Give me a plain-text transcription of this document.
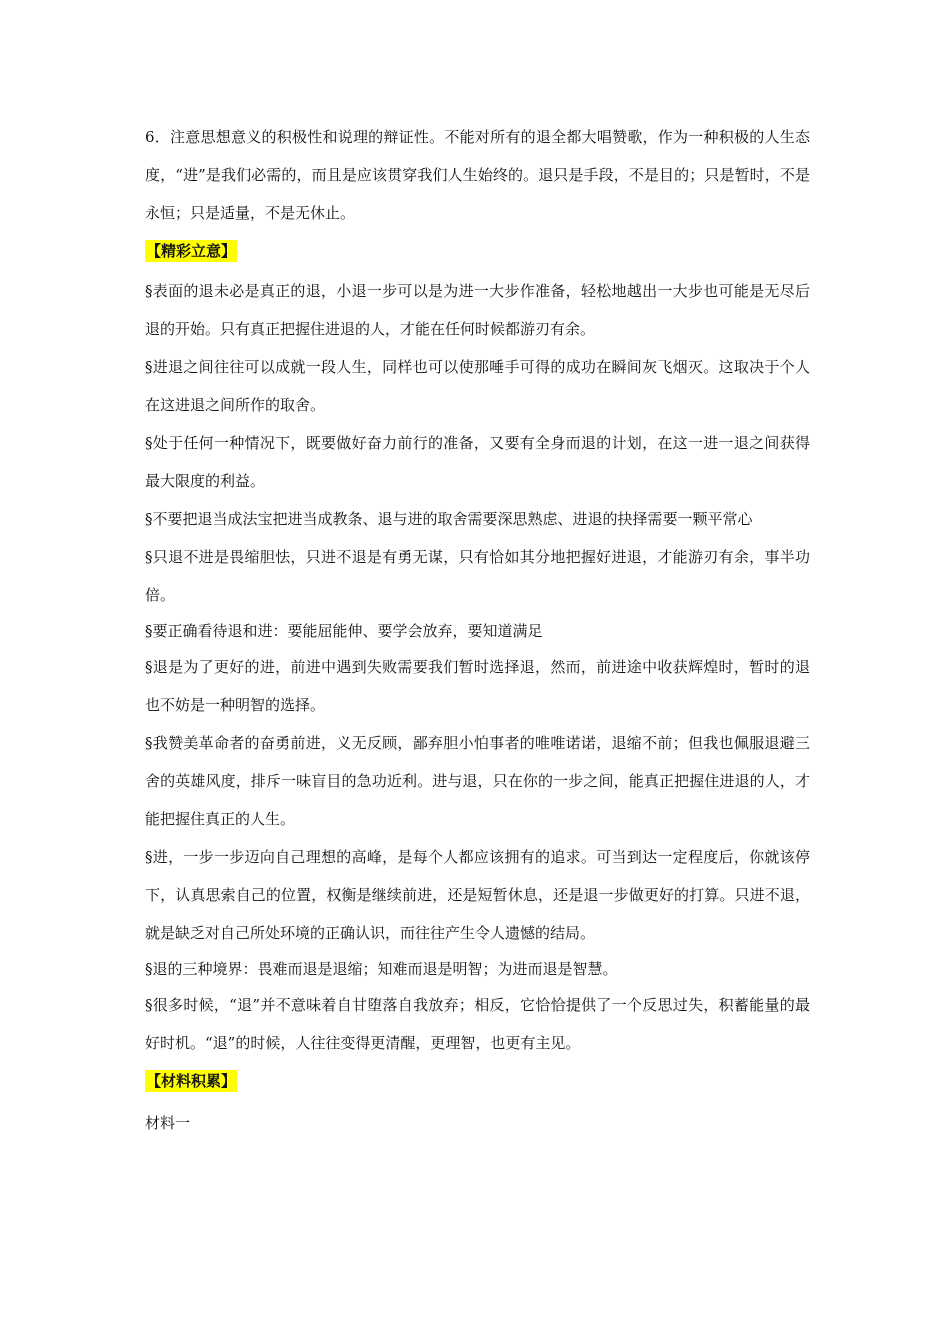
6．注意思想意义的积极性和说理的辩证性。不能对所有的退全都大唱赞歌，作为一种积极的人生态度，“进”是我们必需的，而且是应该贯穿我们人生始终的。退只是手段，不是目的；只是暂时，不是永恒；只是适量，不是无休止。

【精彩立意】

§表面的退未必是真正的退，小退一步可以是为进一大步作准备，轻松地越出一大步也可能是无尽后退的开始。只有真正把握住进退的人，才能在任何时候都游刃有余。

§进退之间往往可以成就一段人生，同样也可以使那唾手可得的成功在瞬间灰飞烟灭。这取决于个人在这进退之间所作的取舍。

§处于任何一种情况下，既要做好奋力前行的准备，又要有全身而退的计划，在这一进一退之间获得最大限度的利益。

§不要把退当成法宝把进当成教条、退与进的取舍需要深思熟虑、进退的抉择需要一颗平常心

§只退不进是畏缩胆怯，只进不退是有勇无谋，只有恰如其分地把握好进退，才能游刃有余，事半功倍。

§要正确看待退和进：要能屈能伸、要学会放弃，要知道满足

§退是为了更好的进，前进中遇到失败需要我们暂时选择退，然而，前进途中收获辉煌时，暂时的退也不妨是一种明智的选择。

§我赞美革命者的奋勇前进，义无反顾，鄙弃胆小怕事者的唯唯诺诺，退缩不前；但我也佩服退避三舍的英雄风度，排斥一味盲目的急功近利。进与退，只在你的一步之间，能真正把握住进退的人，才能把握住真正的人生。

§进，一步一步迈向自己理想的高峰，是每个人都应该拥有的追求。可当到达一定程度后，你就该停下，认真思索自己的位置，权衡是继续前进，还是短暂休息，还是退一步做更好的打算。只进不退，就是缺乏对自己所处环境的正确认识，而往往产生令人遗憾的结局。

§退的三种境界：畏难而退是退缩；知难而退是明智；为进而退是智慧。

§很多时候，“退”并不意味着自甘堕落自我放弃；相反，它恰恰提供了一个反思过失，积蓄能量的最好时机。“退”的时候，人往往变得更清醒，更理智，也更有主见。

【材料积累】

材料一
